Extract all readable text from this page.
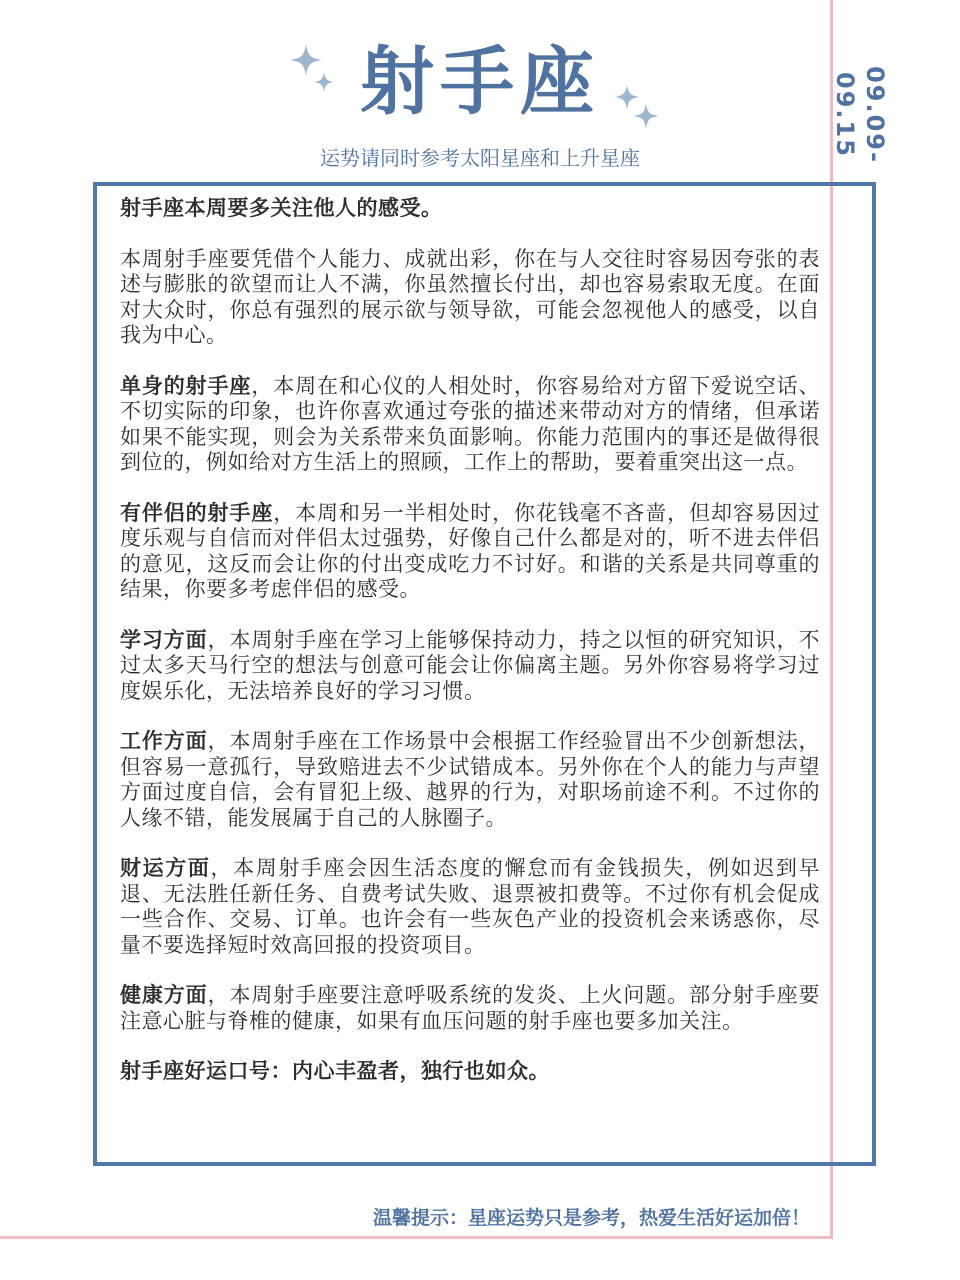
09.09-09.15
射手座
运势请同时参考太阳星座和上升星座

射手座本周要多关注他人的感受。

本周射手座要凭借个人能力、成就出彩，你在与人交往时容易因夸张的表述与膨胀的欲望而让人不满，你虽然擅长付出，却也容易索取无度。在面对大众时，你总有强烈的展示欲与领导欲，可能会忽视他人的感受，以自我为中心。

单身的射手座，本周在和心仪的人相处时，你容易给对方留下爱说空话、不切实际的印象，也许你喜欢通过夸张的描述来带动对方的情绪，但承诺如果不能实现，则会为关系带来负面影响。你能力范围内的事还是做得很到位的，例如给对方生活上的照顾，工作上的帮助，要着重突出这一点。

有伴侣的射手座，本周和另一半相处时，你花钱毫不吝啬，但却容易因过度乐观与自信而对伴侣太过强势，好像自己什么都是对的，听不进去伴侣的意见，这反而会让你的付出变成吃力不讨好。和谐的关系是共同尊重的结果，你要多考虑伴侣的感受。

学习方面，本周射手座在学习上能够保持动力，持之以恒的研究知识，不过太多天马行空的想法与创意可能会让你偏离主题。另外你容易将学习过度娱乐化，无法培养良好的学习习惯。

工作方面，本周射手座在工作场景中会根据工作经验冒出不少创新想法，但容易一意孤行，导致赔进去不少试错成本。另外你在个人的能力与声望方面过度自信，会有冒犯上级、越界的行为，对职场前途不利。不过你的人缘不错，能发展属于自己的人脉圈子。

财运方面，本周射手座会因生活态度的懈怠而有金钱损失，例如迟到早退、无法胜任新任务、自费考试失败、退票被扣费等。不过你有机会促成一些合作、交易、订单。也许会有一些灰色产业的投资机会来诱惑你，尽量不要选择短时效高回报的投资项目。

健康方面，本周射手座要注意呼吸系统的发炎、上火问题。部分射手座要注意心脏与脊椎的健康，如果有血压问题的射手座也要多加关注。

射手座好运口号：内心丰盈者，独行也如众。

温馨提示：星座运势只是参考，热爱生活好运加倍！
